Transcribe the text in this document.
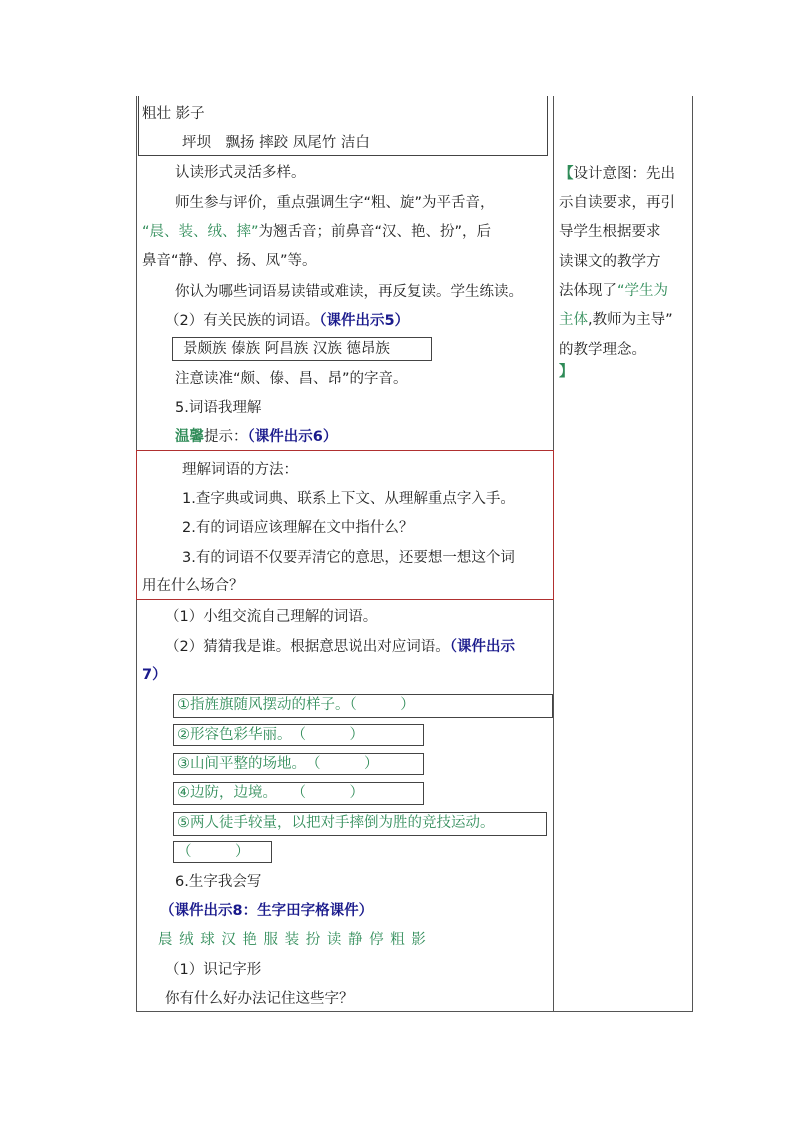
粗壮 影子
坪坝　飘扬 摔跤 凤尾竹 洁白
认读形式灵活多样。
师生参与评价，重点强调生字“粗、旋”为平舌音，
“晨、装、绒、摔”为翘舌音；前鼻音“汉、艳、扮”，后
鼻音“静、停、扬、凤”等。
你认为哪些词语易读错或难读，再反复读。学生练读。
（2）有关民族的词语。（课件出示5）
景颇族 傣族 阿昌族 汉族 德昂族
注意读准“颇、傣、昌、昂”的字音。
5.词语我理解
温馨提示：（课件出示6）
理解词语的方法：
1.查字典或词典、联系上下文、从理解重点字入手。
2.有的词语应该理解在文中指什么？
3.有的词语不仅要弄清它的意思，还要想一想这个词
用在什么场合？
（1）小组交流自己理解的词语。
（2）猜猜我是谁。根据意思说出对应词语。（课件出示
7）
①指旌旗随风摆动的样子。（　　　）
②形容色彩华丽。　（　　　）
③山间平整的场地。　（　　　）
④边防，边境。　　（　　　）
⑤两人徒手较量，以把对手摔倒为胜的竞技运动。
（　　　）
6.生字我会写
（课件出示8：生字田字格课件）
晨 绒 球 汉 艳 服 装 扮 读 静 停 粗 影
（1）识记字形
你有什么好办法记住这些字？
【设计意图：先出
示自读要求，再引
导学生根据要求
读课文的教学方
法体现了“学生为
主体,教师为主导”
的教学理念。
】
